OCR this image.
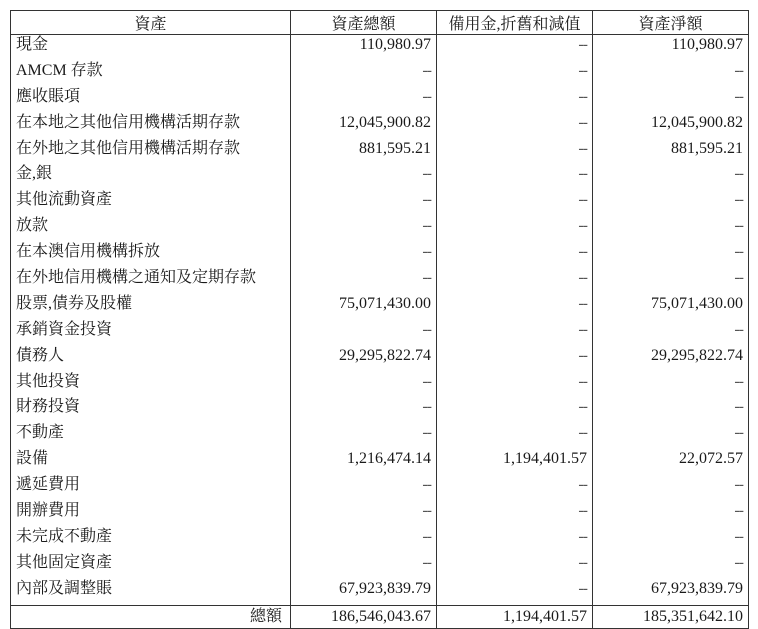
資產	資產總額	備用金,折舊和減值	資產淨額
現金	110,980.97	--	110,980.97
AMCM 存款	--	--	--
應收賬項	--	--	--
在本地之其他信用機構活期存款	12,045,900.82	--	12,045,900.82
在外地之其他信用機構活期存款	881,595.21	--	881,595.21
金,銀	--	--	--
其他流動資產	--	--	--
放款	--	--	--
在本澳信用機構拆放	--	--	--
在外地信用機構之通知及定期存款	--	--	--
股票,債券及股權	75,071,430.00	--	75,071,430.00
承銷資金投資	--	--	--
債務人	29,295,822.74	--	29,295,822.74
其他投資	--	--	--
財務投資	--	--	--
不動產	--	--	--
設備	1,216,474.14	1,194,401.57	22,072.57
遞延費用	--	--	--
開辦費用	--	--	--
未完成不動產	--	--	--
其他固定資產	--	--	--
內部及調整賬	67,923,839.79	--	67,923,839.79
總額	186,546,043.67	1,194,401.57	185,351,642.10
